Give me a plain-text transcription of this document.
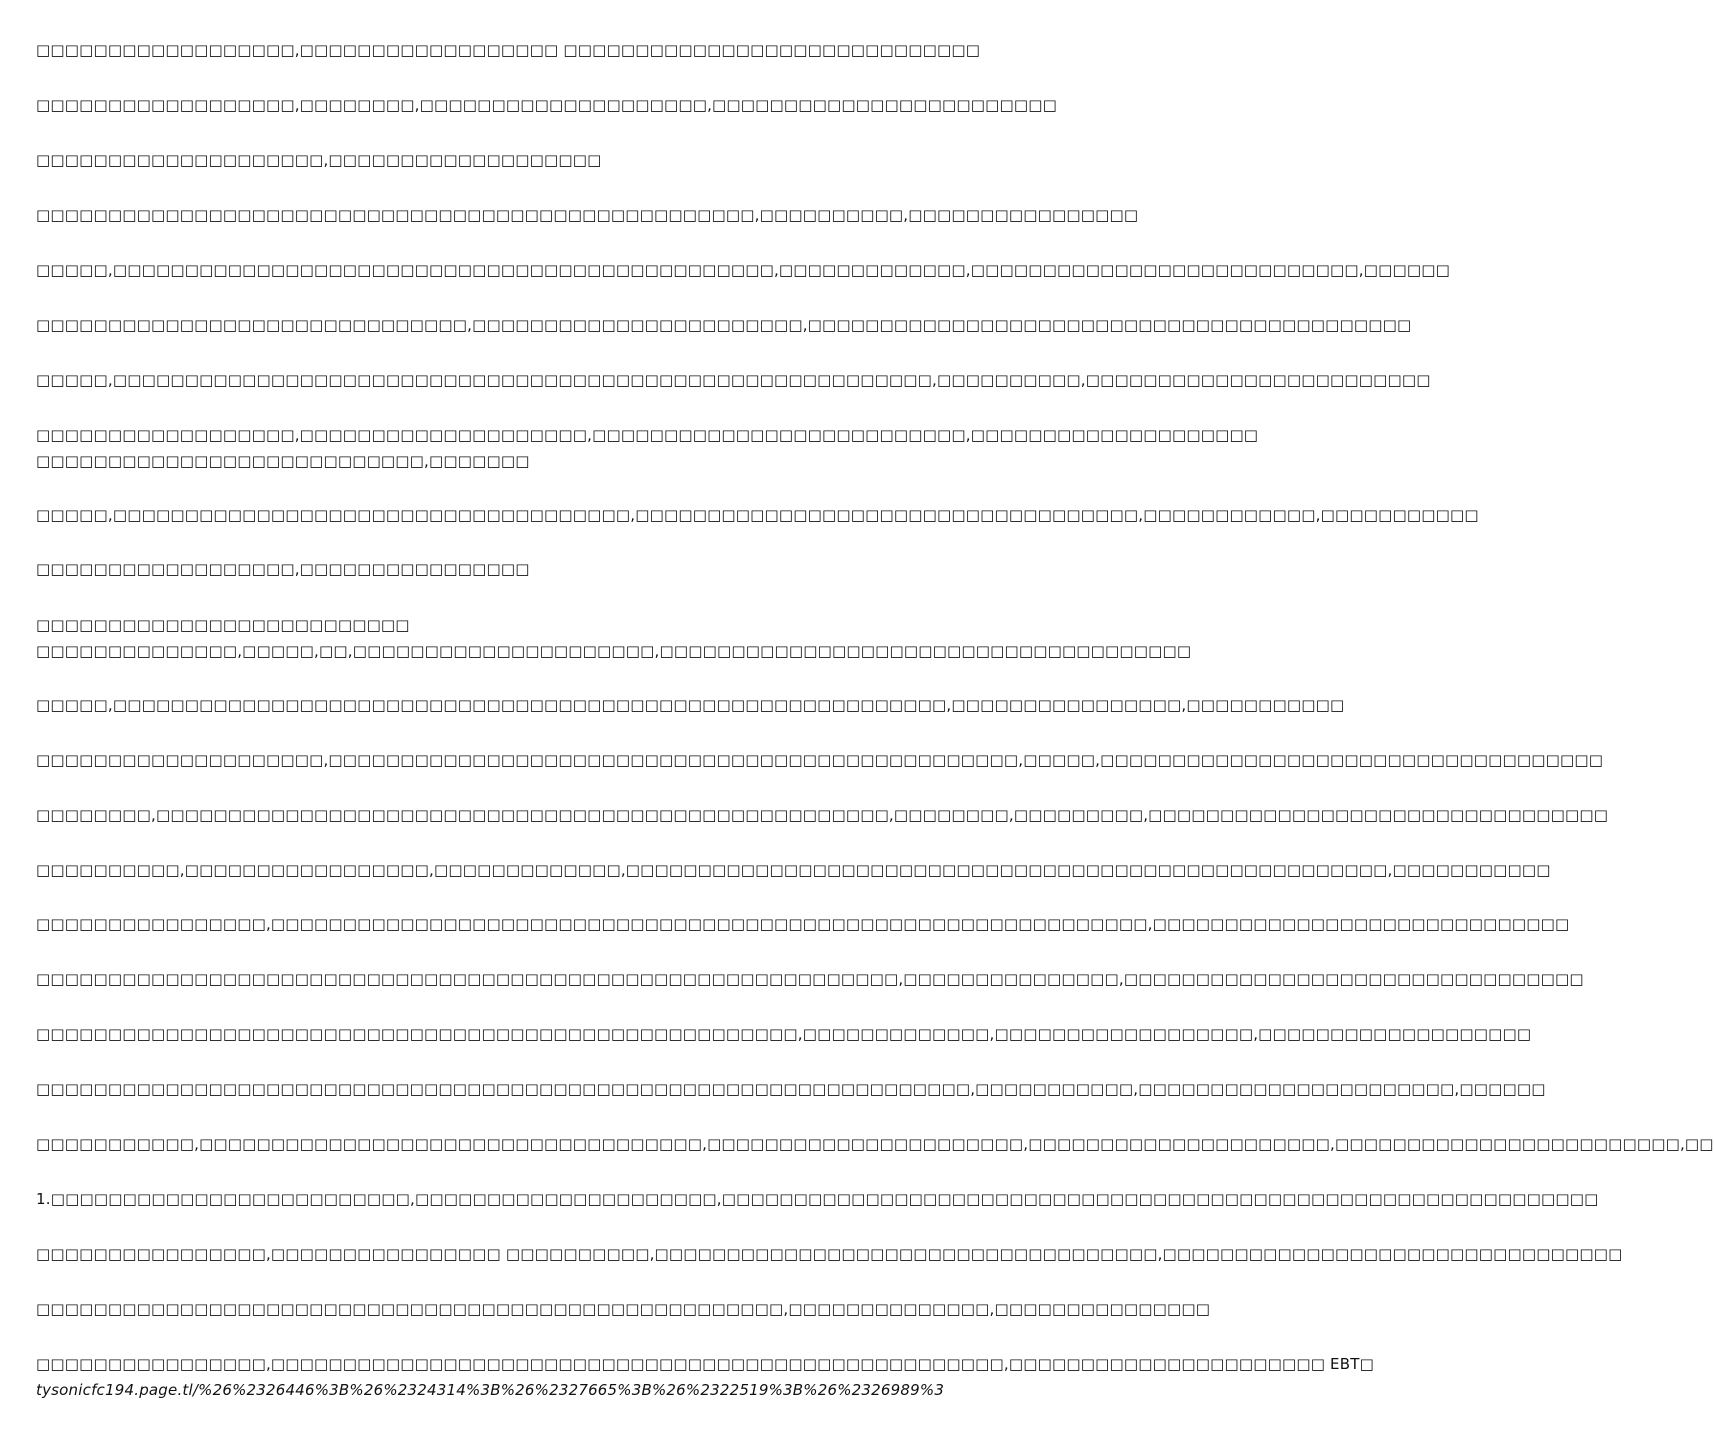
□□□□□□□□□□□□□□□□□□,□□□□□□□□□□□□□□□□□□ □□□□□□□□□□□□□□□□□□□□□□□□□□□□□
□□□□□□□□□□□□□□□□□□,□□□□□□□□,□□□□□□□□□□□□□□□□□□□□,□□□□□□□□□□□□□□□□□□□□□□□□
□□□□□□□□□□□□□□□□□□□□,□□□□□□□□□□□□□□□□□□□
□□□□□□□□□□□□□□□□□□□□□□□□□□□□□□□□□□□□□□□□□□□□□□□□□□,□□□□□□□□□□,□□□□□□□□□□□□□□□□
□□□□□,□□□□□□□□□□□□□□□□□□□□□□□□□□□□□□□□□□□□□□□□□□□□□□,□□□□□□□□□□□□□,□□□□□□□□□□□□□□□□□□□□□□□□□□□,□□□□□□
□□□□□□□□□□□□□□□□□□□□□□□□□□□□□□,□□□□□□□□□□□□□□□□□□□□□□□,□□□□□□□□□□□□□□□□□□□□□□□□□□□□□□□□□□□□□□□□□□
□□□□□,□□□□□□□□□□□□□□□□□□□□□□□□□□□□□□□□□□□□□□□□□□□□□□□□□□□□□□□□□,□□□□□□□□□□,□□□□□□□□□□□□□□□□□□□□□□□□
□□□□□□□□□□□□□□□□□□,□□□□□□□□□□□□□□□□□□□□,□□□□□□□□□□□□□□□□□□□□□□□□□□,□□□□□□□□□□□□□□□□□□□□
□□□□□□□□□□□□□□□□□□□□□□□□□□□,□□□□□□□
□□□□□,□□□□□□□□□□□□□□□□□□□□□□□□□□□□□□□□□□□□,□□□□□□□□□□□□□□□□□□□□□□□□□□□□□□□□□□□,□□□□□□□□□□□□,□□□□□□□□□□□
□□□□□□□□□□□□□□□□□□,□□□□□□□□□□□□□□□□
□□□□□□□□□□□□□□□□□□□□□□□□□□
□□□□□□□□□□□□□□,□□□□□,□□,□□□□□□□□□□□□□□□□□□□□□,□□□□□□□□□□□□□□□□□□□□□□□□□□□□□□□□□□□□□
□□□□□,□□□□□□□□□□□□□□□□□□□□□□□□□□□□□□□□□□□□□□□□□□□□□□□□□□□□□□□□□□,□□□□□□□□□□□□□□□□,□□□□□□□□□□□
□□□□□□□□□□□□□□□□□□□□,□□□□□□□□□□□□□□□□□□□□□□□□□□□□□□□□□□□□□□□□□□□□□□□□,□□□□□,□□□□□□□□□□□□□□□□□□□□□□□□□□□□□□□□□□□
□□□□□□□□,□□□□□□□□□□□□□□□□□□□□□□□□□□□□□□□□□□□□□□□□□□□□□□□□□□□,□□□□□□□□,□□□□□□□□□,□□□□□□□□□□□□□□□□□□□□□□□□□□□□□□□□
□□□□□□□□□□,□□□□□□□□□□□□□□□□□,□□□□□□□□□□□□□,□□□□□□□□□□□□□□□□□□□□□□□□□□□□□□□□□□□□□□□□□□□□□□□□□□□□□,□□□□□□□□□□□
□□□□□□□□□□□□□□□□,□□□□□□□□□□□□□□□□□□□□□□□□□□□□□□□□□□□□□□□□□□□□□□□□□□□□□□□□□□□□□,□□□□□□□□□□□□□□□□□□□□□□□□□□□□□
□□□□□□□□□□□□□□□□□□□□□□□□□□□□□□□□□□□□□□□□□□□□□□□□□□□□□□□□□□□□,□□□□□□□□□□□□□□□,□□□□□□□□□□□□□□□□□□□□□□□□□□□□□□□□
□□□□□□□□□□□□□□□□□□□□□□□□□□□□□□□□□□□□□□□□□□□□□□□□□□□□□,□□□□□□□□□□□□□,□□□□□□□□□□□□□□□□□□,□□□□□□□□□□□□□□□□□□□
□□□□□□□□□□□□□□□□□□□□□□□□□□□□□□□□□□□□□□□□□□□□□□□□□□□□□□□□□□□□□□□□□,□□□□□□□□□□□,□□□□□□□□□□□□□□□□□□□□□□,□□□□□□
□□□□□□□□□□□,□□□□□□□□□□□□□□□□□□□□□□□□□□□□□□□□□□□,□□□□□□□□□□□□□□□□□□□□□□,□□□□□□□□□□□□□□□□□□□□□,□□□□□□□□□□□□□□□□□□□□□□□□,□□
1.□□□□□□□□□□□□□□□□□□□□□□□□□,□□□□□□□□□□□□□□□□□□□□□,□□□□□□□□□□□□□□□□□□□□□□□□□□□□□□□□□□□□□□□□□□□□□□□□□□□□□□□□□□□□□
□□□□□□□□□□□□□□□□,□□□□□□□□□□□□□□□□ □□□□□□□□□□,□□□□□□□□□□□□□□□□□□□□□□□□□□□□□□□□□□□,□□□□□□□□□□□□□□□□□□□□□□□□□□□□□□□□
□□□□□□□□□□□□□□□□□□□□□□□□□□□□□□□□□□□□□□□□□□□□□□□□□□□□,□□□□□□□□□□□□□□,□□□□□□□□□□□□□□□
□□□□□□□□□□□□□□□□,□□□□□□□□□□□□□□□□□□□□□□□□□□□□□□□□□□□□□□□□□□□□□□□□□□□,□□□□□□□□□□□□□□□□□□□□□□ EBT□
tysonicfc194.page.tl/%26%2326446%3B%26%2324314%3B%26%2327665%3B%26%2322519%3B%26%2326989%3
